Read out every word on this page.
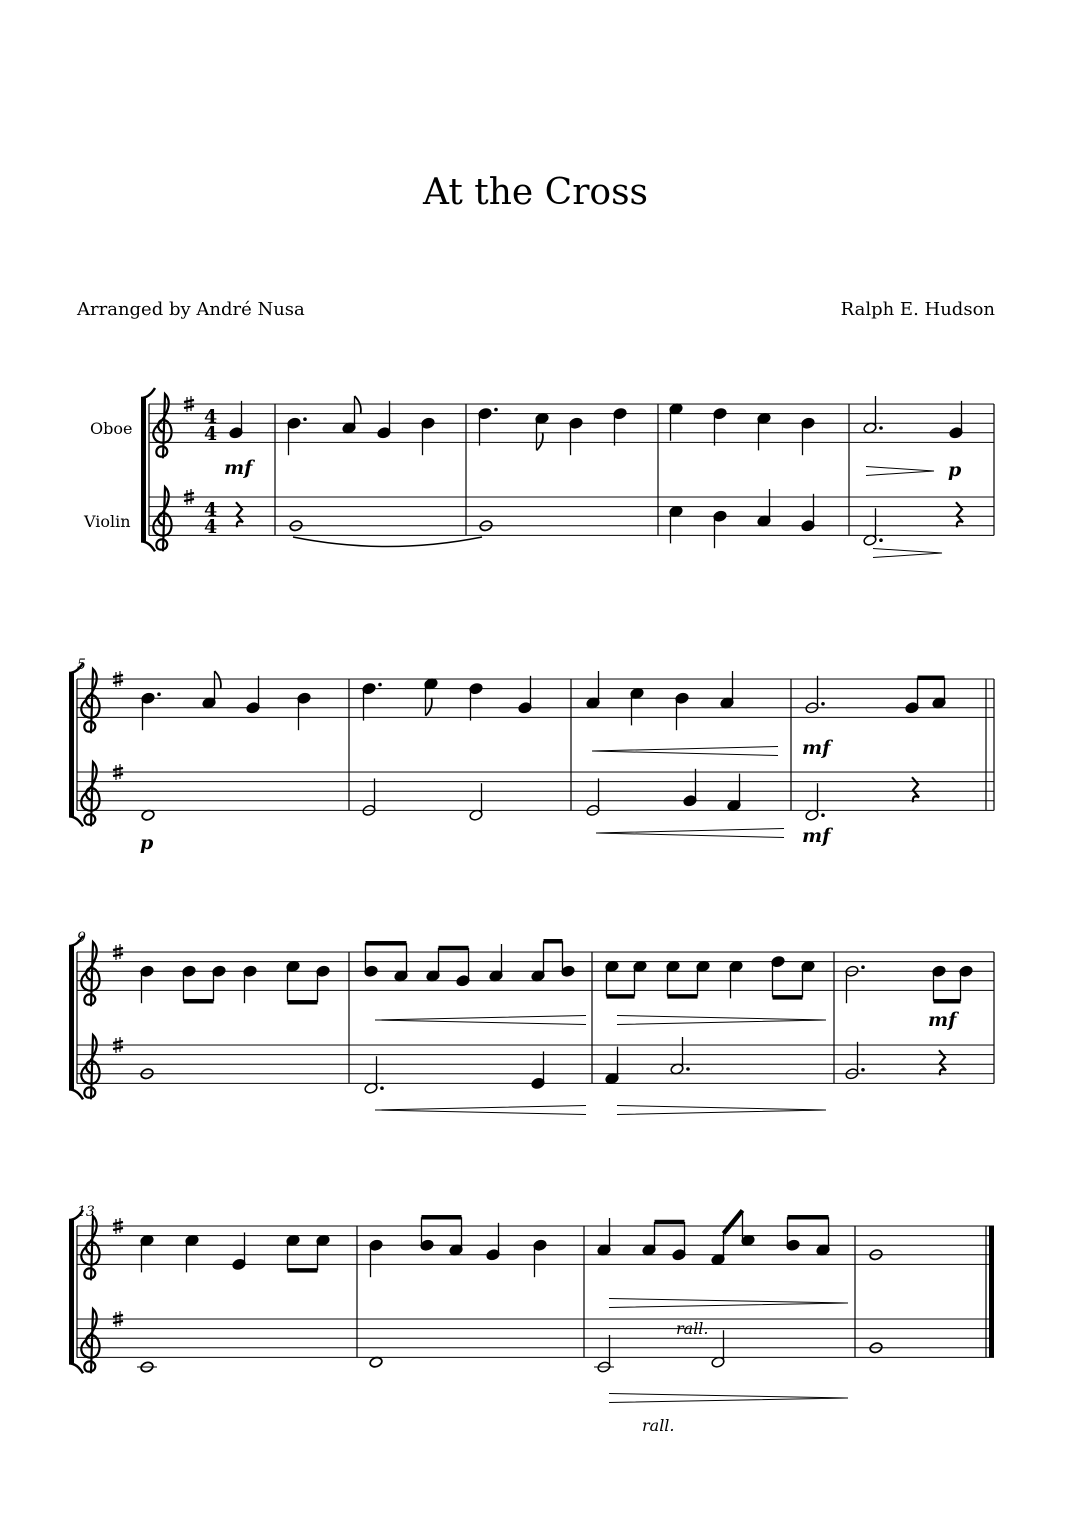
At the Cross
Arranged by André Nusa	Ralph E. Hudson
Oboe
Violin
5
9
13
mf	p
p
mf
mf
mf
rall.
rall.
4
4
4
4
